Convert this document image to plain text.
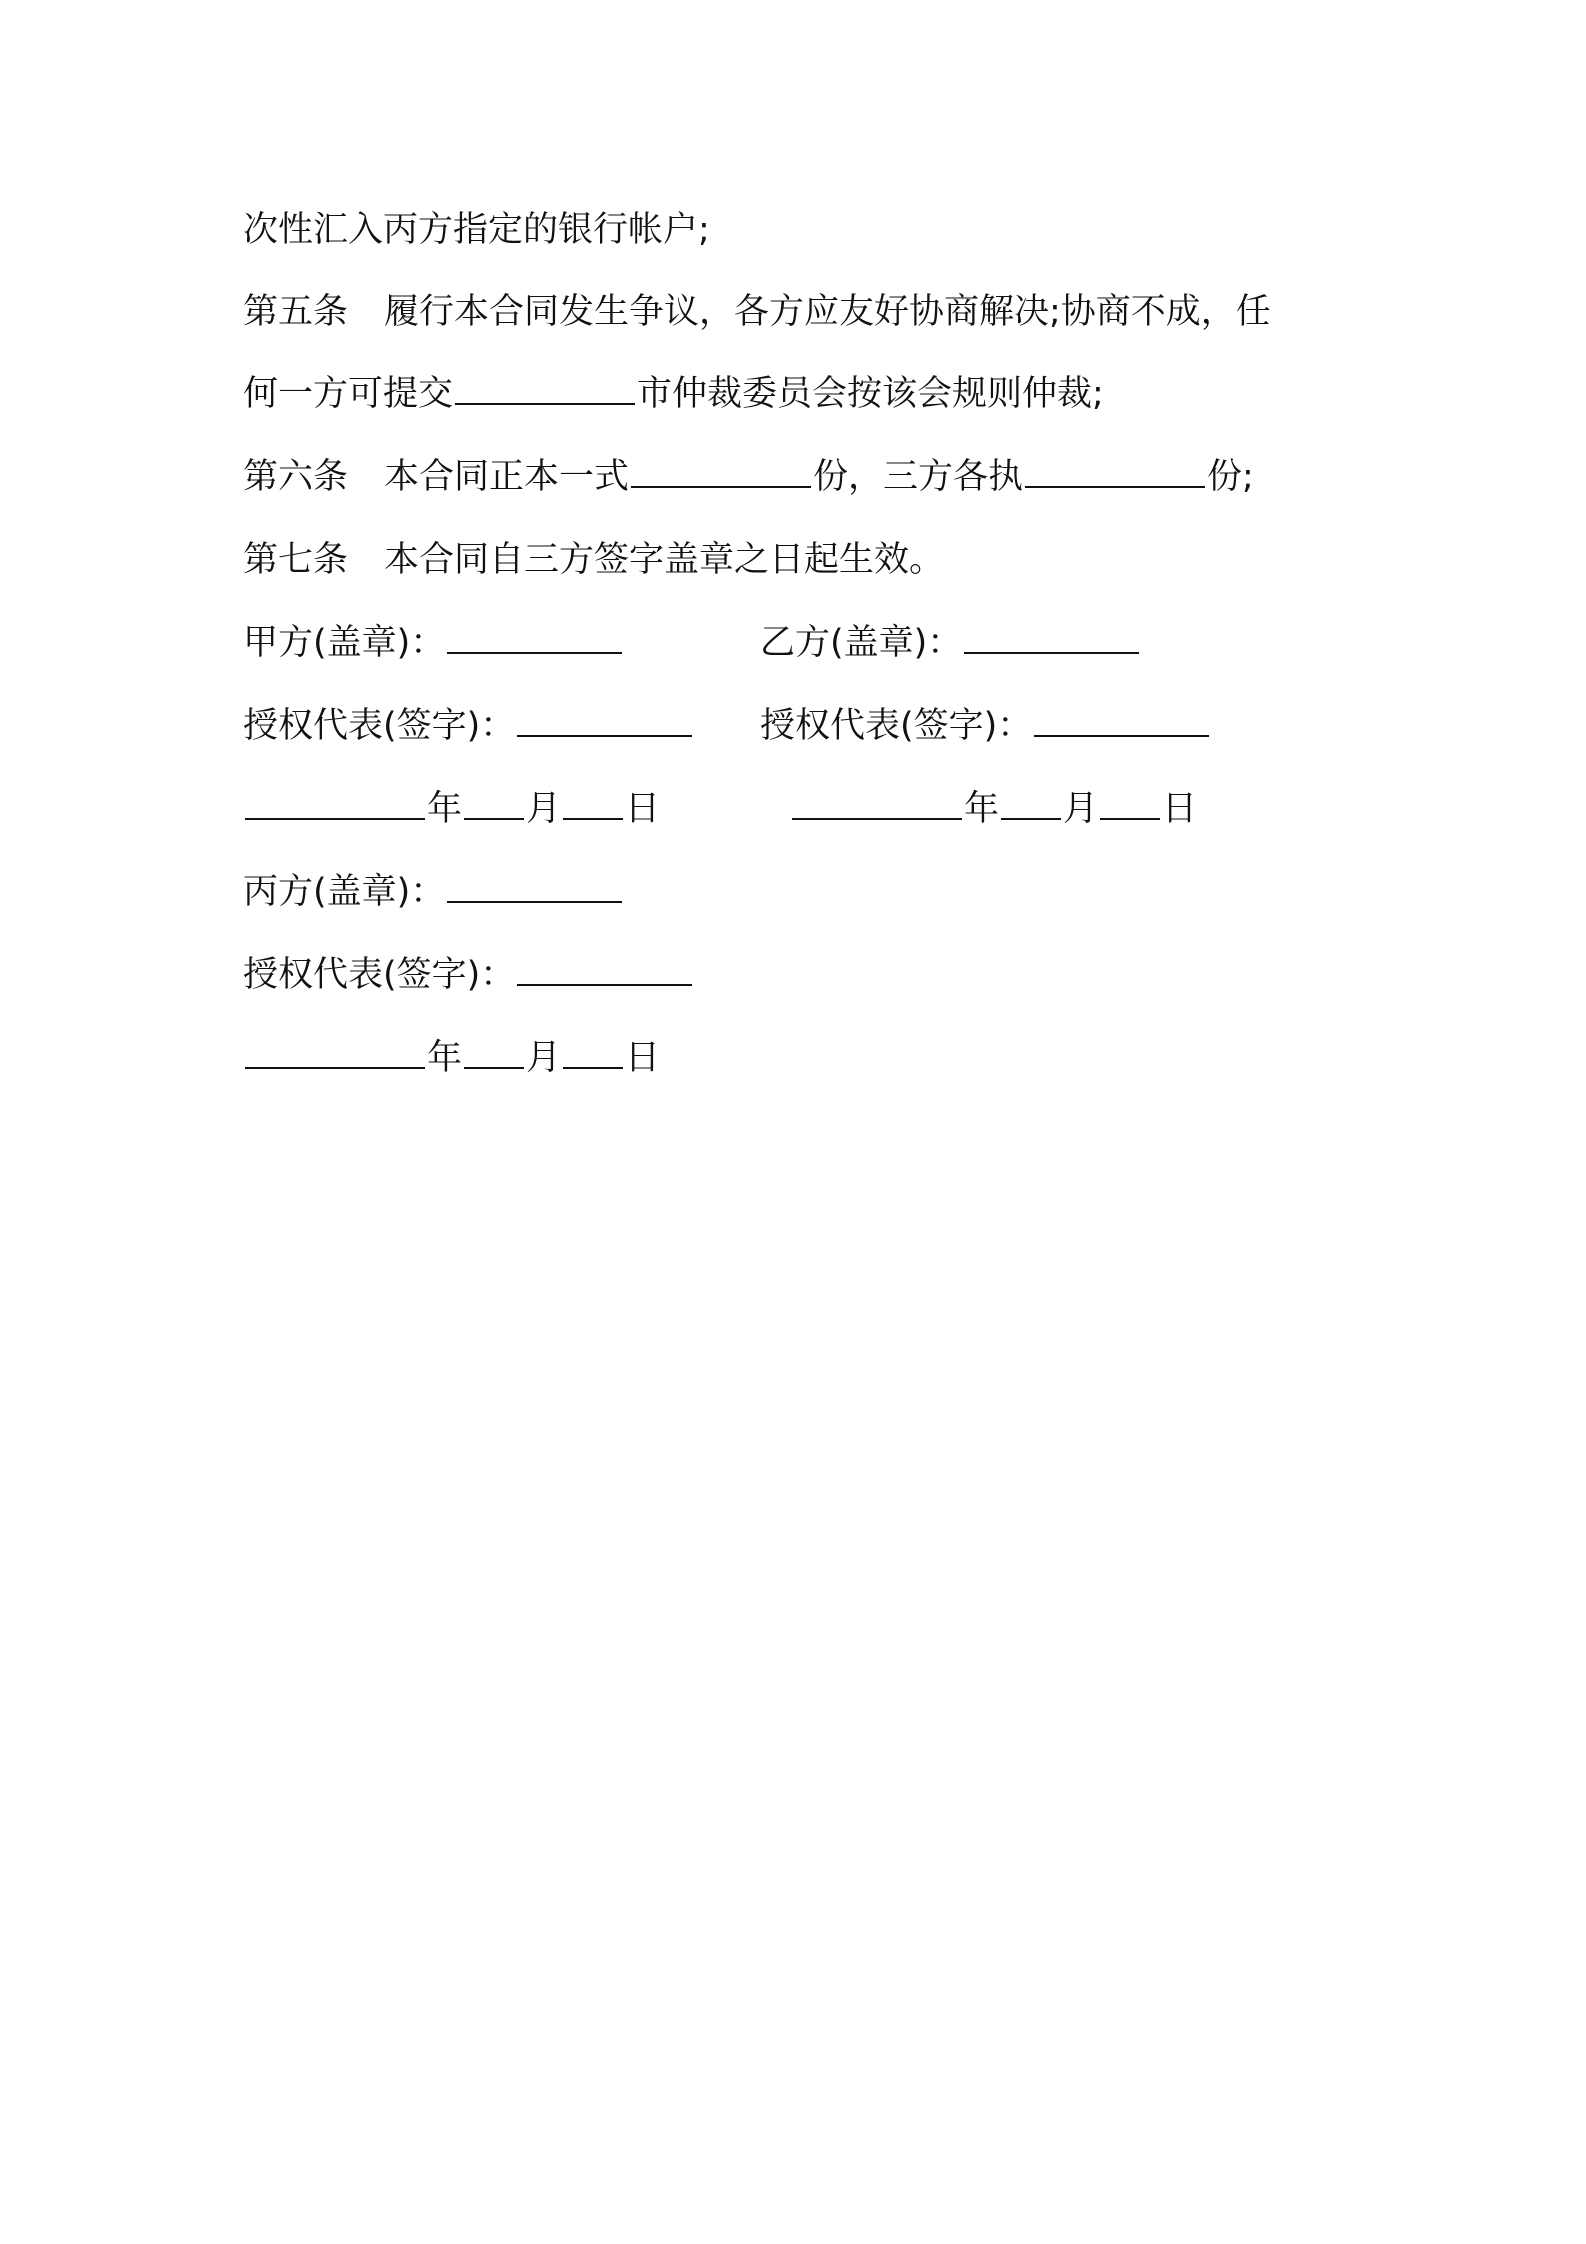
次性汇入丙方指定的银行帐户;
第五条 履行本合同发生争议，各方应友好协商解决;协商不成，任
何一方可提交	市仲裁委员会按该会规则仲裁;
第六条 本合同正本一式	份，三方各执	份;
第七条 本合同自三方签字盖章之日起生效。
甲方(盖章)：	乙方(盖章)：
授权代表(签字)：	授权代表(签字)：
年 月 日	年 月 日
丙方(盖章)：
授权代表(签字)：
年 月 日
